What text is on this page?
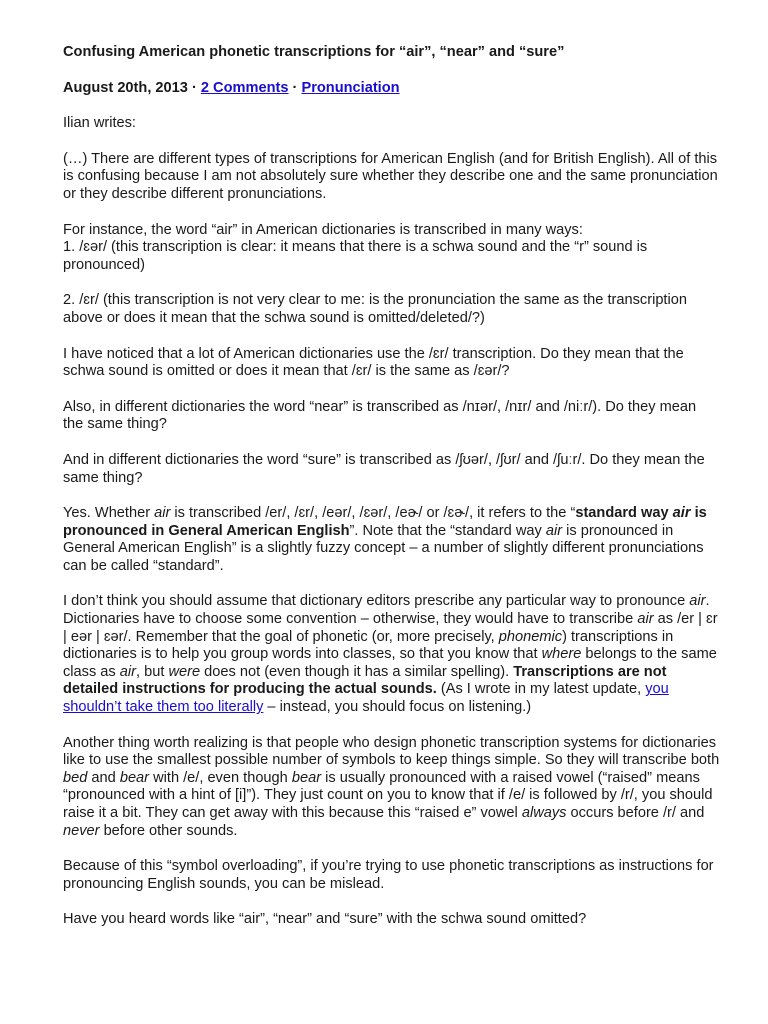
Confusing American phonetic transcriptions for “air”, “near” and “sure”
August 20th, 2013 · 2 Comments · Pronunciation

Ilian writes:

(…) There are different types of transcriptions for American English (and for British English). All of this is confusing because I am not absolutely sure whether they describe one and the same pronunciation or they describe different pronunciations.

For instance, the word “air” in American dictionaries is transcribed in many ways:

1. /ɛər/ (this transcription is clear: it means that there is a schwa sound and the “r” sound is pronounced)

2. /ɛr/ (this transcription is not very clear to me: is the pronunciation the same as the transcription above or does it mean that the schwa sound is omitted/deleted/?)

I have noticed that a lot of American dictionaries use the /ɛr/ transcription. Do they mean that the schwa sound is omitted or does it mean that /ɛr/ is the same as /ɛər/?

Also, in different dictionaries the word “near” is transcribed as /nɪər/, /nɪr/ and /niːr/). Do they mean the same thing?

And in different dictionaries the word “sure” is transcribed as /ʃʊər/, /ʃʊr/ and /ʃuːr/. Do they mean the same thing?

Yes. Whether air is transcribed /er/, /ɛr/, /eər/, /ɛər/, /eɚ/ or /ɛɚ/, it refers to the “standard way air is pronounced in General American English”. Note that the “standard way air is pronounced in General American English” is a slightly fuzzy concept – a number of slightly different pronunciations can be called “standard”.

I don’t think you should assume that dictionary editors prescribe any particular way to pronounce air. Dictionaries have to choose some convention – otherwise, they would have to transcribe air as /er | ɛr | eər | ɛər/. Remember that the goal of phonetic (or, more precisely, phonemic) transcriptions in dictionaries is to help you group words into classes, so that you know that where belongs to the same class as air, but were does not (even though it has a similar spelling). Transcriptions are not detailed instructions for producing the actual sounds. (As I wrote in my latest update, you shouldn’t take them too literally – instead, you should focus on listening.)

Another thing worth realizing is that people who design phonetic transcription systems for dictionaries like to use the smallest possible number of symbols to keep things simple. So they will transcribe both bed and bear with /e/, even though bear is usually pronounced with a raised vowel (“raised” means “pronounced with a hint of [i]”). They just count on you to know that if /e/ is followed by /r/, you should raise it a bit. They can get away with this because this “raised e” vowel always occurs before /r/ and never before other sounds.

Because of this “symbol overloading”, if you’re trying to use phonetic transcriptions as instructions for pronouncing English sounds, you can be mislead.

Have you heard words like “air”, “near” and “sure” with the schwa sound omitted?
